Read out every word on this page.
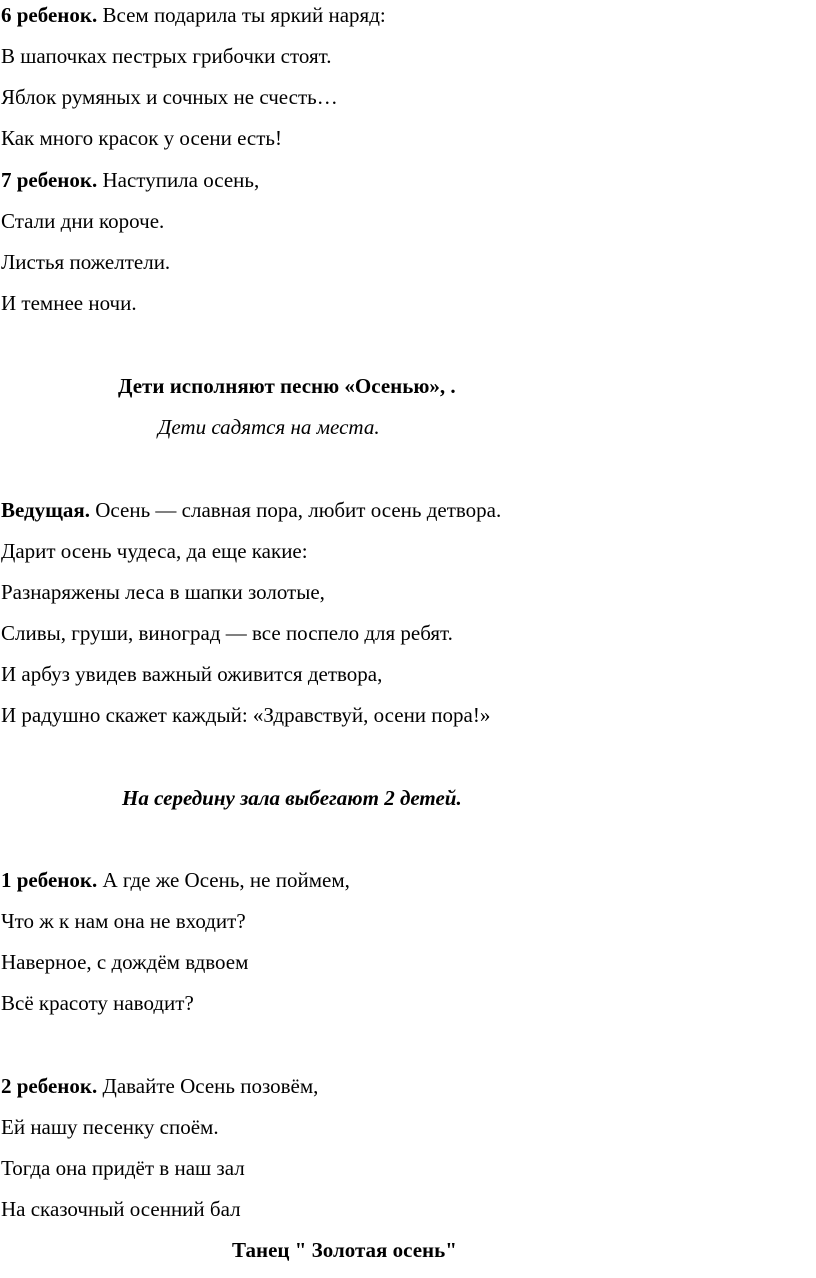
6 ребенок. Всем подарила ты яркий наряд:
В шапочках пестрых грибочки стоят.
Яблок румяных и сочных не счесть…
Как много красок у осени есть!
7 ребенок. Наступила осень,
Стали дни короче.
Листья пожелтели.
И темнее ночи.
Дети исполняют песню «Осенью», .
Дети садятся на места.
Ведущая. Осень — славная пора, любит осень детвора.
Дарит осень чудеса, да еще какие:
Разнаряжены леса в шапки золотые,
Сливы, груши, виноград — все поспело для ребят.
И арбуз увидев важный оживится детвора,
И радушно скажет каждый: «Здравствуй, осени пора!»
На середину зала выбегают 2 детей.
1 ребенок. А где же Осень, не поймем,
Что ж к нам она не входит?
Наверное, с дождём вдвоем
Всё красоту наводит?
2 ребенок. Давайте Осень позовём,
Ей нашу песенку споём.
Тогда она придёт в наш зал
На сказочный осенний бал
Танец " Золотая осень"
